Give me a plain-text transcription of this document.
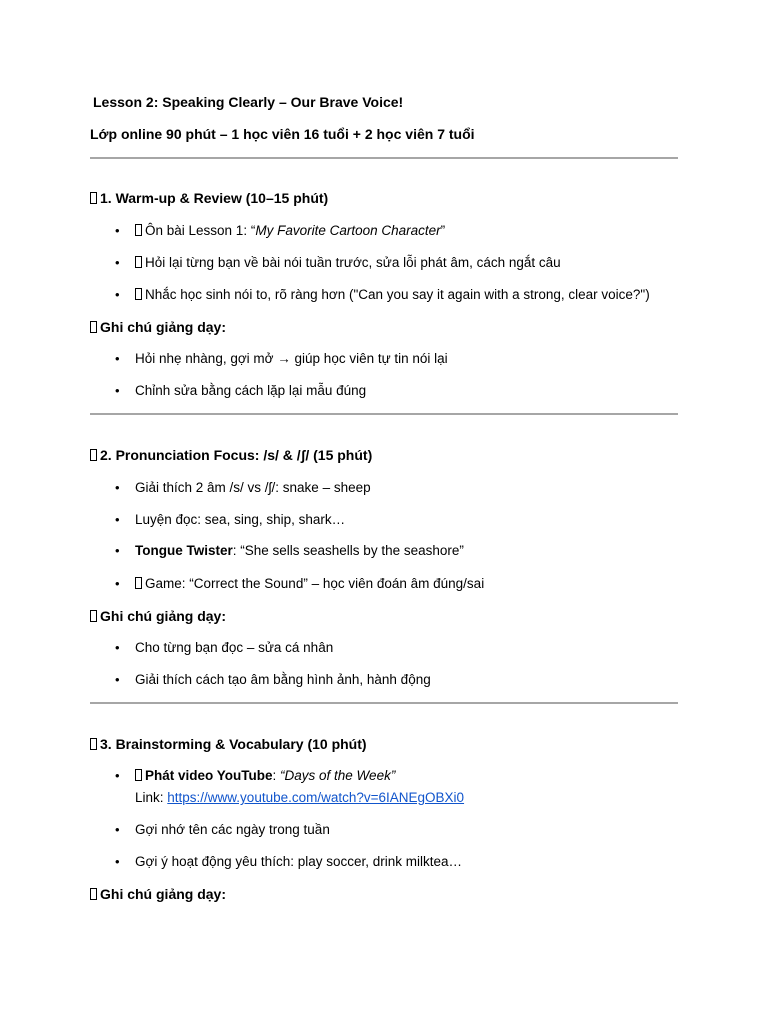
Lesson 2: Speaking Clearly – Our Brave Voice!
Lớp online 90 phút – 1 học viên 16 tuổi + 2 học viên 7 tuổi
1. Warm-up & Review (10–15 phút)
• Ôn bài Lesson 1: “My Favorite Cartoon Character”
• Hỏi lại từng bạn về bài nói tuần trước, sửa lỗi phát âm, cách ngắt câu
• Nhắc học sinh nói to, rõ ràng hơn ("Can you say it again with a strong, clear voice?")
Ghi chú giảng dạy:
• Hỏi nhẹ nhàng, gợi mở → giúp học viên tự tin nói lại
• Chỉnh sửa bằng cách lặp lại mẫu đúng
2. Pronunciation Focus: /s/ & /ʃ/ (15 phút)
• Giải thích 2 âm /s/ vs /ʃ/: snake – sheep
• Luyện đọc: sea, sing, ship, shark…
• Tongue Twister: “She sells seashells by the seashore”
• Game: “Correct the Sound” – học viên đoán âm đúng/sai
Ghi chú giảng dạy:
• Cho từng bạn đọc – sửa cá nhân
• Giải thích cách tạo âm bằng hình ảnh, hành động
3. Brainstorming & Vocabulary (10 phút)
• Phát video YouTube: “Days of the Week”
Link: https://www.youtube.com/watch?v=6IANEgOBXi0
• Gợi nhớ tên các ngày trong tuần
• Gợi ý hoạt động yêu thích: play soccer, drink milktea…
Ghi chú giảng dạy:
